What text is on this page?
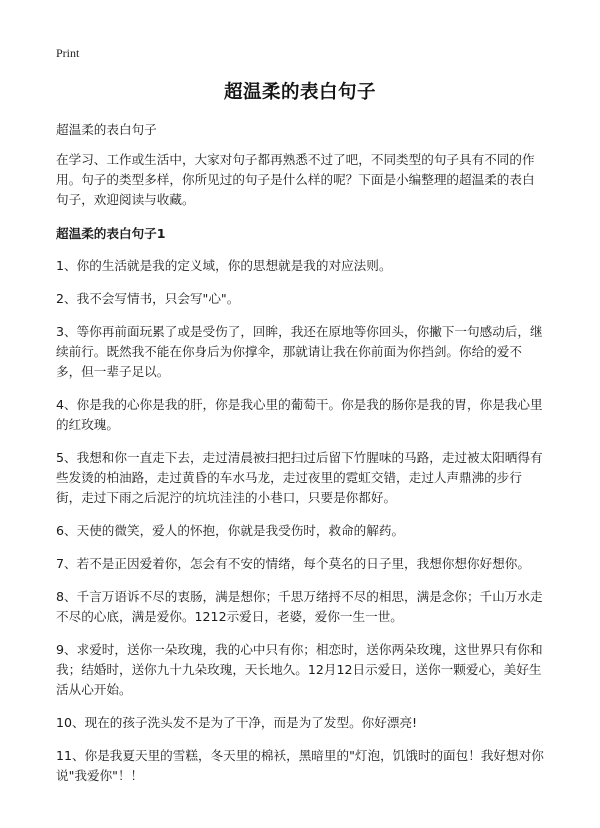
Print
超温柔的表白句子

超温柔的表白句子

在学习、工作或生活中，大家对句子都再熟悉不过了吧，不同类型的句子具有不同的作用。句子的类型多样，你所见过的句子是什么样的呢？下面是小编整理的超温柔的表白句子，欢迎阅读与收藏。

超温柔的表白句子1

1、你的生活就是我的定义域，你的思想就是我的对应法则。

2、我不会写情书，只会写"心"。

3、等你再前面玩累了或是受伤了，回眸，我还在原地等你回头，你撇下一句感动后，继续前行。既然我不能在你身后为你撑伞，那就请让我在你前面为你挡剑。你给的爱不多，但一辈子足以。

4、你是我的心你是我的肝，你是我心里的葡萄干。你是我的肠你是我的胃，你是我心里的红玫瑰。

5、我想和你一直走下去，走过清晨被扫把扫过后留下竹腥味的马路，走过被太阳晒得有些发烫的柏油路，走过黄昏的车水马龙，走过夜里的霓虹交错，走过人声鼎沸的步行街，走过下雨之后泥泞的坑坑洼洼的小巷口，只要是你都好。

6、天使的微笑，爱人的怀抱，你就是我受伤时，救命的解药。

7、若不是正因爱着你，怎会有不安的情绪，每个莫名的日子里，我想你想你好想你。

8、千言万语诉不尽的衷肠，满是想你；千思万绪捋不尽的相思，满是念你；千山万水走不尽的心底，满是爱你。1212示爱日，老婆，爱你一生一世。

9、求爱时，送你一朵玫瑰，我的心中只有你；相恋时，送你两朵玫瑰，这世界只有你和我；结婚时，送你九十九朵玫瑰，天长地久。12月12日示爱日，送你一颗爱心，美好生活从心开始。

10、现在的孩子洗头发不是为了干净，而是为了发型。你好漂亮!

11、你是我夏天里的雪糕，冬天里的棉袄，黑暗里的"灯泡，饥饿时的面包！我好想对你说"我爱你"！！
